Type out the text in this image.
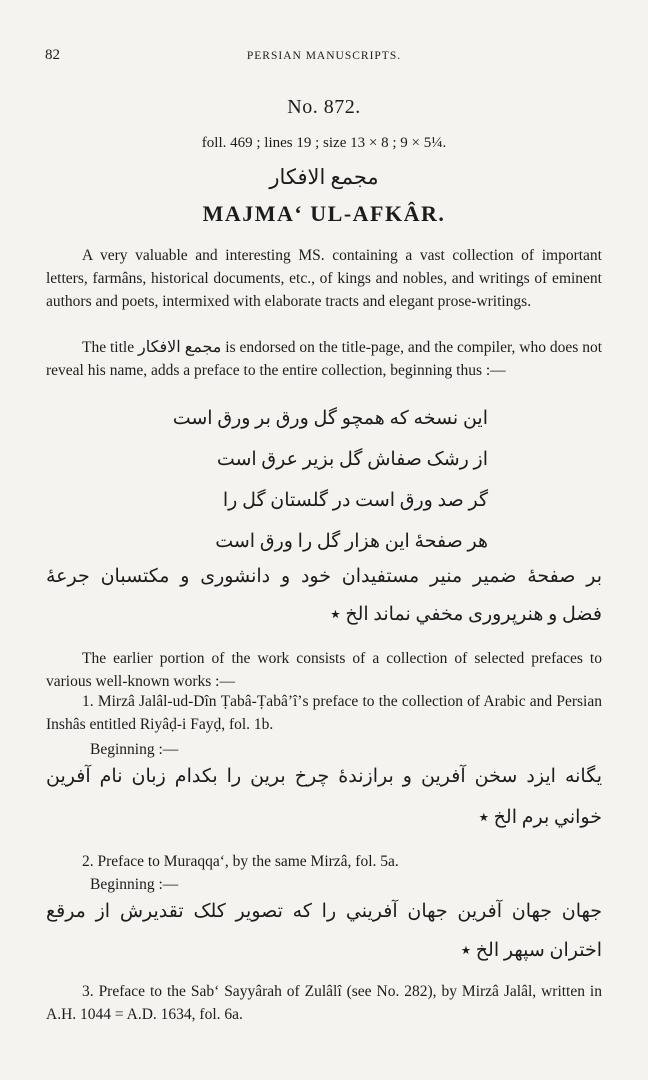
82	PERSIAN MANUSCRIPTS.
No. 872.
foll. 469 ; lines 19 ; size 13 × 8 ; 9 × 5¼.
مجمع الافکار
MAJMAʻ UL-AFKÂR.

A very valuable and interesting MS. containing a vast collection of important letters, farmâns, historical documents, etc., of kings and nobles, and writings of eminent authors and poets, intermixed with elaborate tracts and elegant prose-writings.

The title مجمع الافکار is endorsed on the title-page, and the compiler, who does not reveal his name, adds a preface to the entire collection, beginning thus :—

این نسخه که همچو گل ورق بر ورق است
از رشک صفاش گل بزیر عرق است
گر صد ورق است در گلستان گل را
هر صفحهٔ این هزار گل را ورق است
بر صفحهٔ ضمیر منیر مستفیدان خود و دانشوری و مکتسبان جرعهٔ
فضل و هنرپروری مخفي نماند الخ ٭

The earlier portion of the work consists of a collection of selected prefaces to various well-known works :—

1. Mirzâ Jalâl-ud-Dîn Ṭabâ-Ṭabâʼîʼs preface to the collection of Arabic and Persian Inshâs entitled Riyâḍ-i Fayḍ, fol. 1b.

Beginning :—
یگانه ایزد سخن آفرین و برازندهٔ چرخ برین را بکدام زبان نام آفرین
خواني برم الخ ٭

2. Preface to Muraqqaʻ, by the same Mirzâ, fol. 5a.

Beginning :—
جهان جهان آفرین جهان آفریني را که تصویر کلک تقدیرش از مرقع
اختران سپهر الخ ٭

3. Preface to the Sabʻ Sayyârah of Zulâlî (see No. 282), by Mirzâ Jalâl, written in A.H. 1044 = A.D. 1634, fol. 6a.
